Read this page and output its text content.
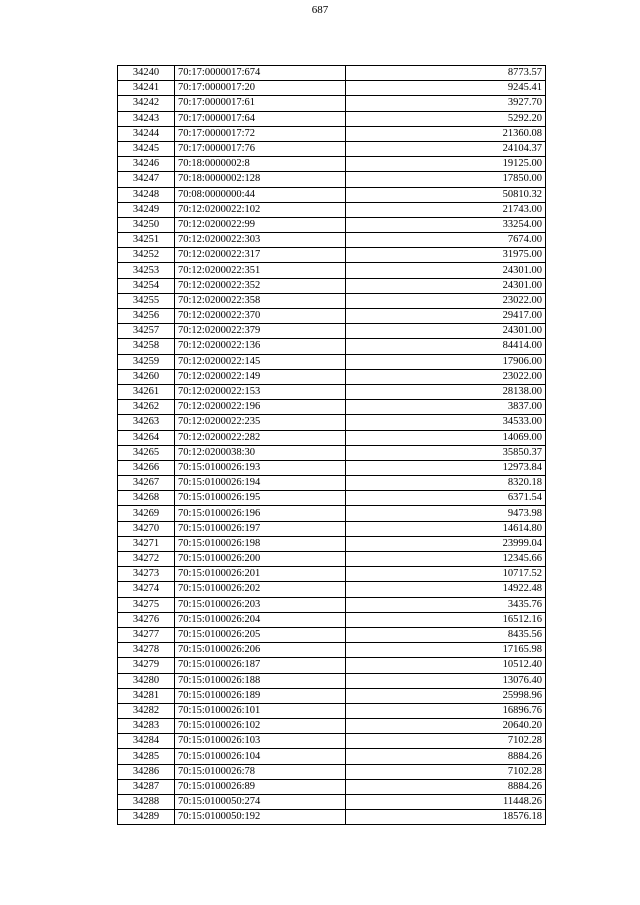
687
34240	70:17:0000017:674	8773.57
34241	70:17:0000017:20	9245.41
34242	70:17:0000017:61	3927.70
34243	70:17:0000017:64	5292.20
34244	70:17:0000017:72	21360.08
34245	70:17:0000017:76	24104.37
34246	70:18:0000002:8	19125.00
34247	70:18:0000002:128	17850.00
34248	70:08:0000000:44	50810.32
34249	70:12:0200022:102	21743.00
34250	70:12:0200022:99	33254.00
34251	70:12:0200022:303	7674.00
34252	70:12:0200022:317	31975.00
34253	70:12:0200022:351	24301.00
34254	70:12:0200022:352	24301.00
34255	70:12:0200022:358	23022.00
34256	70:12:0200022:370	29417.00
34257	70:12:0200022:379	24301.00
34258	70:12:0200022:136	84414.00
34259	70:12:0200022:145	17906.00
34260	70:12:0200022:149	23022.00
34261	70:12:0200022:153	28138.00
34262	70:12:0200022:196	3837.00
34263	70:12:0200022:235	34533.00
34264	70:12:0200022:282	14069.00
34265	70:12:0200038:30	35850.37
34266	70:15:0100026:193	12973.84
34267	70:15:0100026:194	8320.18
34268	70:15:0100026:195	6371.54
34269	70:15:0100026:196	9473.98
34270	70:15:0100026:197	14614.80
34271	70:15:0100026:198	23999.04
34272	70:15:0100026:200	12345.66
34273	70:15:0100026:201	10717.52
34274	70:15:0100026:202	14922.48
34275	70:15:0100026:203	3435.76
34276	70:15:0100026:204	16512.16
34277	70:15:0100026:205	8435.56
34278	70:15:0100026:206	17165.98
34279	70:15:0100026:187	10512.40
34280	70:15:0100026:188	13076.40
34281	70:15:0100026:189	25998.96
34282	70:15:0100026:101	16896.76
34283	70:15:0100026:102	20640.20
34284	70:15:0100026:103	7102.28
34285	70:15:0100026:104	8884.26
34286	70:15:0100026:78	7102.28
34287	70:15:0100026:89	8884.26
34288	70:15:0100050:274	11448.26
34289	70:15:0100050:192	18576.18
